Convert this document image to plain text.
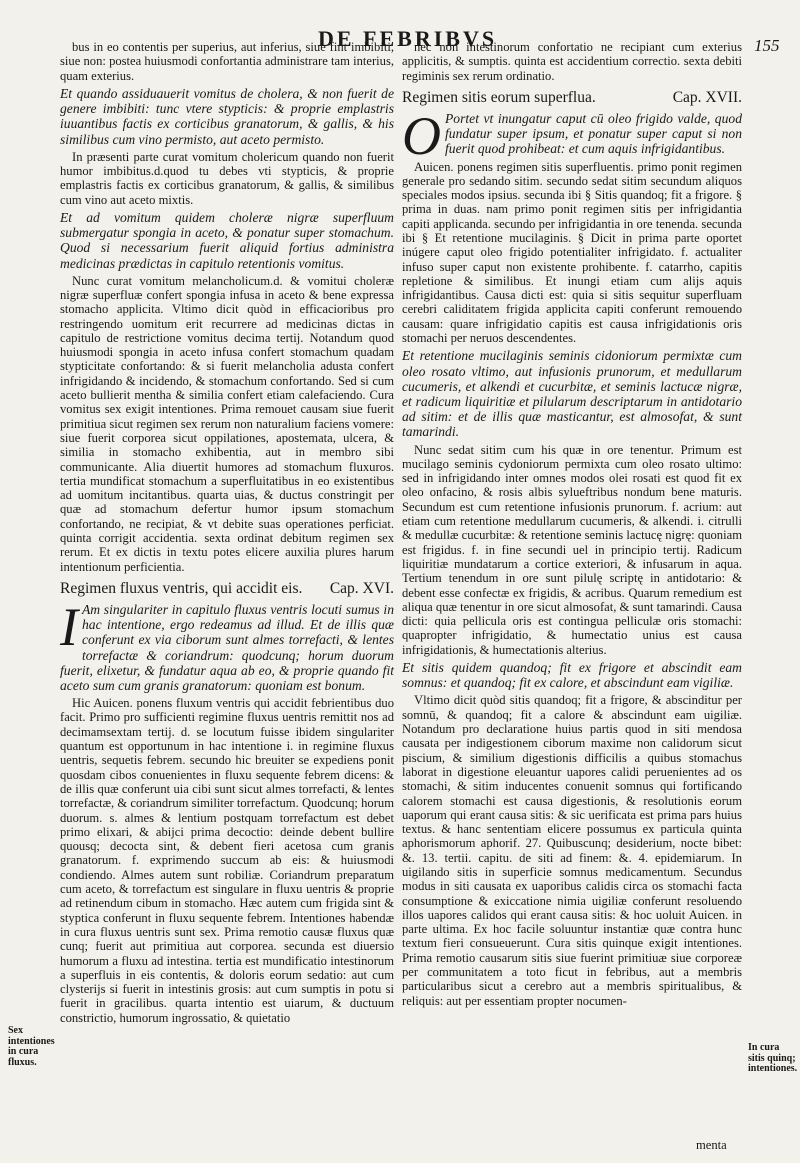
DE FEBRIBVS	155

bus in eo contentis per superius, aut inferius, siue fint imbibiti, siue non: postea huiusmodi confortantia administrare tam interius, quam exterius.

Et quando assiduauerit vomitus de cholera, & non fuerit de genere imbibiti: tunc vtere stypticis: & proprie emplastris iuuantibus factis ex corticibus granatorum, & gallis, & his similibus cum vino permisto, aut aceto permisto.

In præsenti parte curat vomitum cholericum quando non fuerit humor imbibitus.d.quod tu debes vti stypticis, & proprie emplastris factis ex corticibus granatorum, & gallis, & similibus cum vino aut aceto mixtis.

Et ad vomitum quidem choleræ nigræ superfluum submergatur spongia in aceto, & ponatur super stomachum. Quod si necessarium fuerit aliquid fortius administra medicinas prædictas in capitulo retentionis vomitus.

Nunc curat vomitum melancholicum.d. & vomitui choleræ nigræ superfluæ confert spongia infusa in aceto & bene expressa stomacho applicita. Vltimo dicit quòd in efficacioribus pro restringendo uomitum erit recurrere ad medicinas dictas in capitulo de restrictione vomitus decima tertij. Notandum quod huiusmodi spongia in aceto infusa confert stomachum quadam stypticitate confortando: & si fuerit melancholia adusta confert infrigidando & incidendo, & stomachum confortando. Sed si cum aceto bullierit mentha & similia confert etiam calefaciendo. Cura vomitus sex exigit intentiones. Prima remouet causam siue fuerit primitiua sicut regimen sex rerum non naturalium faciens vomere: siue fuerit corporea sicut oppilationes, apostemata, ulcera, & similia in stomacho exhibentia, aut in membro sibi communicante. Alia diuertit humores ad stomachum fluxuros. tertia mundificat stomachum a superfluitatibus in eo existentibus ad uomitum incitantibus. quarta uias, & ductus constringit per quæ ad stomachum defertur humor ipsum stomachum confortando, ne recipiat, & vt debite suas operationes perficiat. quinta corrigit accidentia. sexta ordinat debitum regimen sex rerum. Et ex dictis in textu potes elicere auxilia plures harum intentionum perficientia.

Regimen fluxus ventris, qui accidit eis. Cap. XVI.

I Am singulariter in capitulo fluxus ventris locuti sumus in hac intentione, ergo redeamus ad illud. Et de illis quæ conferunt ex via ciborum sunt almes torrefacti, & lentes torrefactæ & coriandrum: quodcunq; horum duorum fuerit, elixetur, & fundatur aqua ab eo, & proprie quando fit aceto sum cum granis granatorum: quoniam est bonum.

Hic Auicen. ponens fluxum ventris qui accidit febrientibus duo facit. Primo pro sufficienti regimine fluxus uentris remittit nos ad decimamsextam tertij. d. se locutum fuisse ibidem singulariter quantum est opportunum in hac intentione i. in regimine fluxus uentris, sequetis febrem. secundo hic breuiter se expediens ponit quosdam cibos conuenientes in fluxu sequente febrem dicens: & de illis quæ conferunt uia cibi sunt sicut almes torrefacti, & lentes torrefactæ, & coriandrum similiter torrefactum. Quodcunq; horum duorum. s. almes & lentium postquam torrefactum est debet primo elixari, & abijci prima decoctio: deinde debent bullire quousq; decocta sint, & debent fieri acetosa cum granis granatorum. f. exprimendo succum ab eis: & huiusmodi condiendo. Almes autem sunt robiliæ. Coriandrum preparatum cum aceto, & torrefactum est singulare in fluxu uentris & proprie ad retinendum cibum in stomacho. Hæc autem cum frigida sint & styptica conferunt in fluxu sequente febrem. Intentiones habendæ in cura fluxus uentris sunt sex. Prima remotio causæ fluxus quæ cunq; fuerit aut primitiua aut corporea. secunda est diuersio humorum a fluxu ad intestina. tertia est mundificatio intestinorum a superfluis in eis contentis, & doloris eorum sedatio: aut cum clysterijs si fuerit in intestinis grosis: aut cum sumptis in potu si fuerit in gracilibus. quarta intentio est uiarum, & ductuum constrictio, humorum ingrossatio, & quietatio

nec non intestinorum confortatio ne recipiant cum exterius applicitis, & sumptis. quinta est accidentium correctio. sexta debiti regiminis sex rerum ordinatio.

Regimen sitis eorum superflua.	Cap. XVII.

O Portet vt inungatur caput cū oleo frigido valde, quod fundatur super ipsum, et ponatur super caput si non fuerit quod prohibeat: et cum aquis infrigidantibus.

Auicen. ponens regimen sitis superfluentis. primo ponit regimen generale pro sedando sitim. secundo sedat sitim secundum aliquos speciales modos ipsius. secunda ibi § Sitis quandoq; fit a frigore. § prima in duas. nam primo ponit regimen sitis per infrigidantia capiti applicanda. secundo per infrigidantia in ore tenenda. secunda ibi § Et retentione mucilaginis. § Dicit in prima parte oportet inúgere caput oleo frigido potentialiter infrigidato. f. actualiter infuso super caput non existente prohibente. f. catarrho, capitis repletione & similibus. Et inungi etiam cum alijs aquis infrigidantibus. Causa dicti est: quia si sitis sequitur superfluam cerebri caliditatem frigida applicita capiti conferunt remouendo causam: quare infrigidatio capitis est causa infrigidationis oris stomachi per neruos descendentes.

Et retentione mucilaginis seminis cidoniorum permixtæ cum oleo rosato vltimo, aut infusionis prunorum, et medullarum cucumeris, et alkendi et cucurbitæ, et seminis lactucæ nigræ, et radicum liquiritiæ et pilularum descriptarum in antidotario ad sitim: et de illis quæ masticantur, est almosofat, & sunt tamarindi.

Nunc sedat sitim cum his quæ in ore tenentur. Primum est mucilago seminis cydoniorum permixta cum oleo rosato ultimo: sed in infrigidando inter omnes modos olei rosati est quod fit ex oleo onfacino, & rosis albis sylueftribus nondum bene maturis. Secundum est cum retentione infusionis prunorum. f. acrium: aut etiam cum retentione medullarum cucumeris, & alkendi. i. citrulli & medullæ cucurbitæ: & retentione seminis lactucę nigrę: quoniam est frigidus. f. in fine secundi uel in principio tertij. Radicum liquiritiæ mundatarum a cortice exteriori, & infusarum in aqua. Tertium tenendum in ore sunt pilulę scriptę in antidotario: & debent esse confectæ ex frigidis, & acribus. Quarum remedium est aliqua quæ tenentur in ore sicut almosofat, & sunt tamarindi. Causa dicti: quia pellicula oris est contingua pelliculæ oris stomachi: quapropter infrigidatio, & humectatio unius est causa infrigidationis, & humectationis alterius.

Et sitis quidem quandoq; fit ex frigore et abscindit eam somnus: et quandoq; fit ex calore, et abscindunt eam vigiliæ.

Vltimo dicit quòd sitis quandoq; fit a frigore, & abscinditur per somnū, & quandoq; fit a calore & abscindunt eam uigiliæ. Notandum pro declaratione huius partis quod in siti mendosa causata per indigestionem ciborum maxime non calidorum sicut piscium, & similium digestionis difficilis a quibus stomachus laborat in digestione eleuantur uapores calidi peruenientes ad os stomachi, & sitim inducentes conuenit somnus qui fortificando calorem stomachi est causa digestionis, & resolutionis eorum uaporum qui erant causa sitis: & sic uerificata est prima pars huius textus. & hanc sententiam elicere possumus ex particula quinta aphorismorum aphorif. 27. Quibuscunq; desiderium, nocte bibet: &. 13. tertii. capitu. de siti ad finem: &. 4. epidemiarum. In uigilando sitis in superficie somnus medicamentum. Secundus modus in siti causata ex uaporibus calidis circa os stomachi facta consumptione & exiccatione nimia uigiliæ conferunt resoluendo illos uapores calidos qui erant causa sitis: & hoc uoluit Auicen. in parte ultima. Ex hoc facile soluuntur instantiæ quæ contra hunc textum fieri consueuerunt. Cura sitis quinque exigit intentiones. Prima remotio causarum sitis siue fuerint primitiuæ siue corporeæ per communitatem a toto ficut in febribus, aut a membris particularibus sicut a cerebro aut a membris spiritualibus, & reliquis: aut per essentiam propter nocumen-

Sex intentiones in cura fluxus.
In cura sitis quinq; intentiones.
menta
